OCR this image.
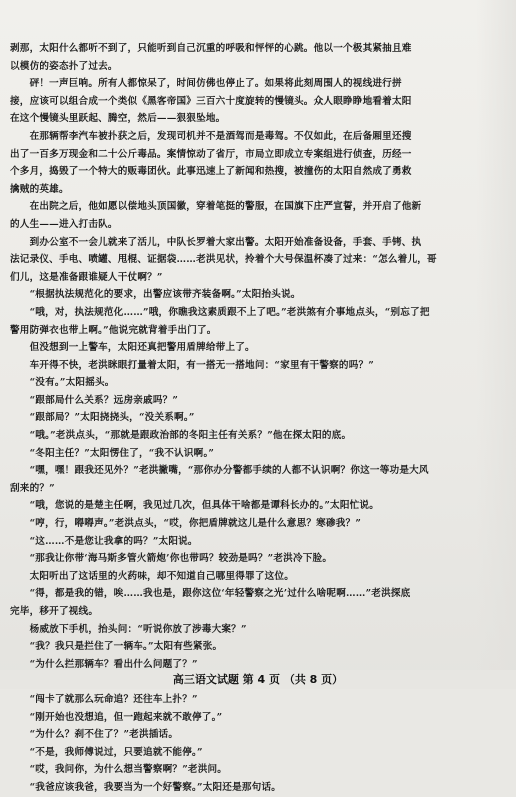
剥那，太阳什么都听不到了，只能听到自己沉重的呼吸和怦怦的心跳。他以一个极其紧抽且难
以模仿的姿态扑了过去。
　　砰！一声巨响。所有人都惊呆了，时间仿佛也停止了。如果将此刻周围人的视线进行拼
接，应该可以组合成一个类似《黑客帝国》三百六十度旋转的慢镜头。众人眼睁睁地看着太阳
在这个慢镜头里跃起、腾空，然后——狠狠坠地。
　　在那辆帮李汽车被扑获之后，发现司机并不是酒驾而是毒驾。不仅如此，在后备厢里还搜
出了一百多万现金和二十公斤毒品。案情惊动了省厅，市局立即成立专案组进行侦查，历经一
个多月，捣毁了一个特大的贩毒团伙。此事迅速上了新闻和热搜，被撞伤的太阳自然成了勇救
擒贼的英雄。
　　在出院之后，他如愿以偿地头顶国徽，穿着笔挺的警服，在国旗下庄严宣誓，并开启了他新
的人生——进入打击队。
　　到办公室不一会儿就来了活儿，中队长罗着大家出警。太阳开始准备设备，手套、手铐、执
法记录仪、手电、喷罐、甩棍、证据袋……老洪见状，拎着个大号保温杯凑了过来：“怎么着儿，哥
们儿，这是准备跟谁疑人干仗啊？”
　　“根据执法规范化的要求，出警应该带齐装备啊。”太阳抬头说。
　　“哦，对，执法规范化……”哦，你瞧我这素质跟不上了吧。”老洪煞有介事地点头，“别忘了把
警用防弹衣也带上啊。”他说完就背着手出门了。
　　但没想到一上警车，太阳还真把警用盾牌给带上了。
　　车开得不快，老洪眯眼打量着太阳，有一搭无一搭地问：“家里有干警察的吗？”
　　“没有。”太阳摇头。
　　“跟部局什么关系？远房亲戚吗？”
　　“跟部局？”太阳挠挠头，“没关系啊。”
　　“哦。”老洪点头，“那就是跟政治部的冬阳主任有关系？”他在探太阳的底。
　　“冬阳主任？”太阳愣住了，“我不认识啊。”
　　“嘿，嘿！跟我还见外？”老洪撇嘴，“那你办分警都手续的人都不认识啊？你这一等功是大风
刮来的？”
　　“哦，您说的是楚主任啊，我见过几次，但具体干啥都是谭科长办的。”太阳忙说。
　　“哼，行，嘚嘚声。”老洪点头，“哎，你把盾牌就这儿是什么意思？寒碜我？”
　　“这……不是您让我拿的吗？”太阳说。
　　“那我让你带‘海马斯多管火箭炮’你也带吗？较劲是吗？”老洪冷下脸。
　　太阳听出了这话里的火药味，却不知道自己哪里得罪了这位。
　　“得，都是我的错，唉……我也是，跟你这位‘年轻警察之光’过什么啥呢啊……”老洪探底
完毕，移开了视线。
　　杨威放下手机，抬头问：“听说你放了涉毒大案？”
　　“我？我只是拦住了一辆车。”太阳有些紧张。
　　“为什么拦那辆车？看出什么问题了？”
　　“闯卡了就那么玩命追？还往车上扑？”
　　“刚开始也没想追，但一跑起来就不敢停了。”
　　“为什么？刹不住了？”老洪插话。
　　“不是，我师傅说过，只要追就不能停。”
　　“哎，我问你，为什么想当警察啊？”老洪问。
　　“我爸应该我爸，我要当为一个好警察。”太阳还是那句话。
高三语文试题 第 4 页 （共 8 页）
